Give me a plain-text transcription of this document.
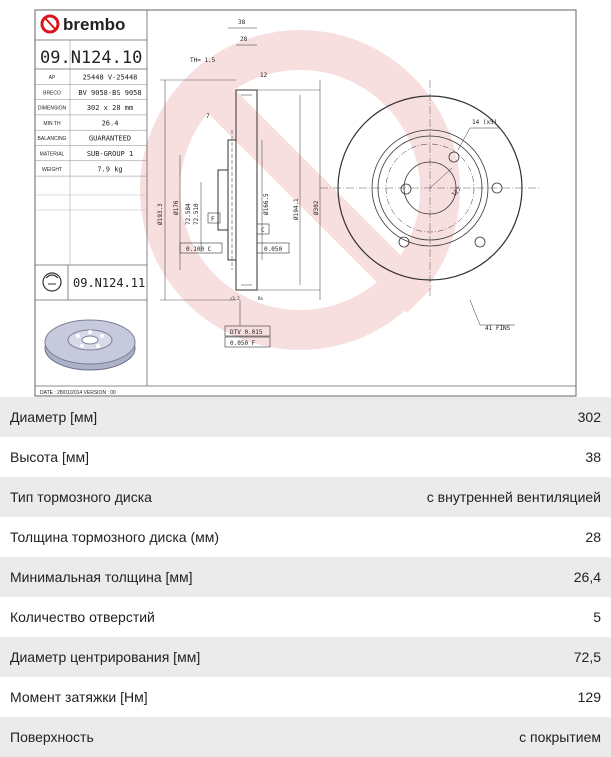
brembo
09.N124.10
AP	25448 V-25448
BRECO	BV 9058-BS 9058
DIMENSION	302 x 28 mm
MIN TH	26.4
BALANCING	GUARANTEED
MATERIAL	SUB-GROUP 1
WEIGHT	7.9 kg
09.N124.11
DATE : 28/01/2014 VERSION : 00
38
28
TH= 1.5
12
7
Ø193.3 Ø176 72.584 72.510	Ø166.5	Ø194.1 Ø302
F
C
0.100 C	0.050
DTV 0.015
0.050 F
√3.2	Ra
14 (x5)
127
41 FINS
Диаметр [мм]	302
Высота [мм]	38
Тип тормозного диска	с внутренней вентиляцией
Толщина тормозного диска (мм)	28
Минимальная толщина [мм]	26,4
Количество отверстий	5
Диаметр центрирования [мм]	72,5
Момент затяжки [Нм]	129
Поверхность	с покрытием
